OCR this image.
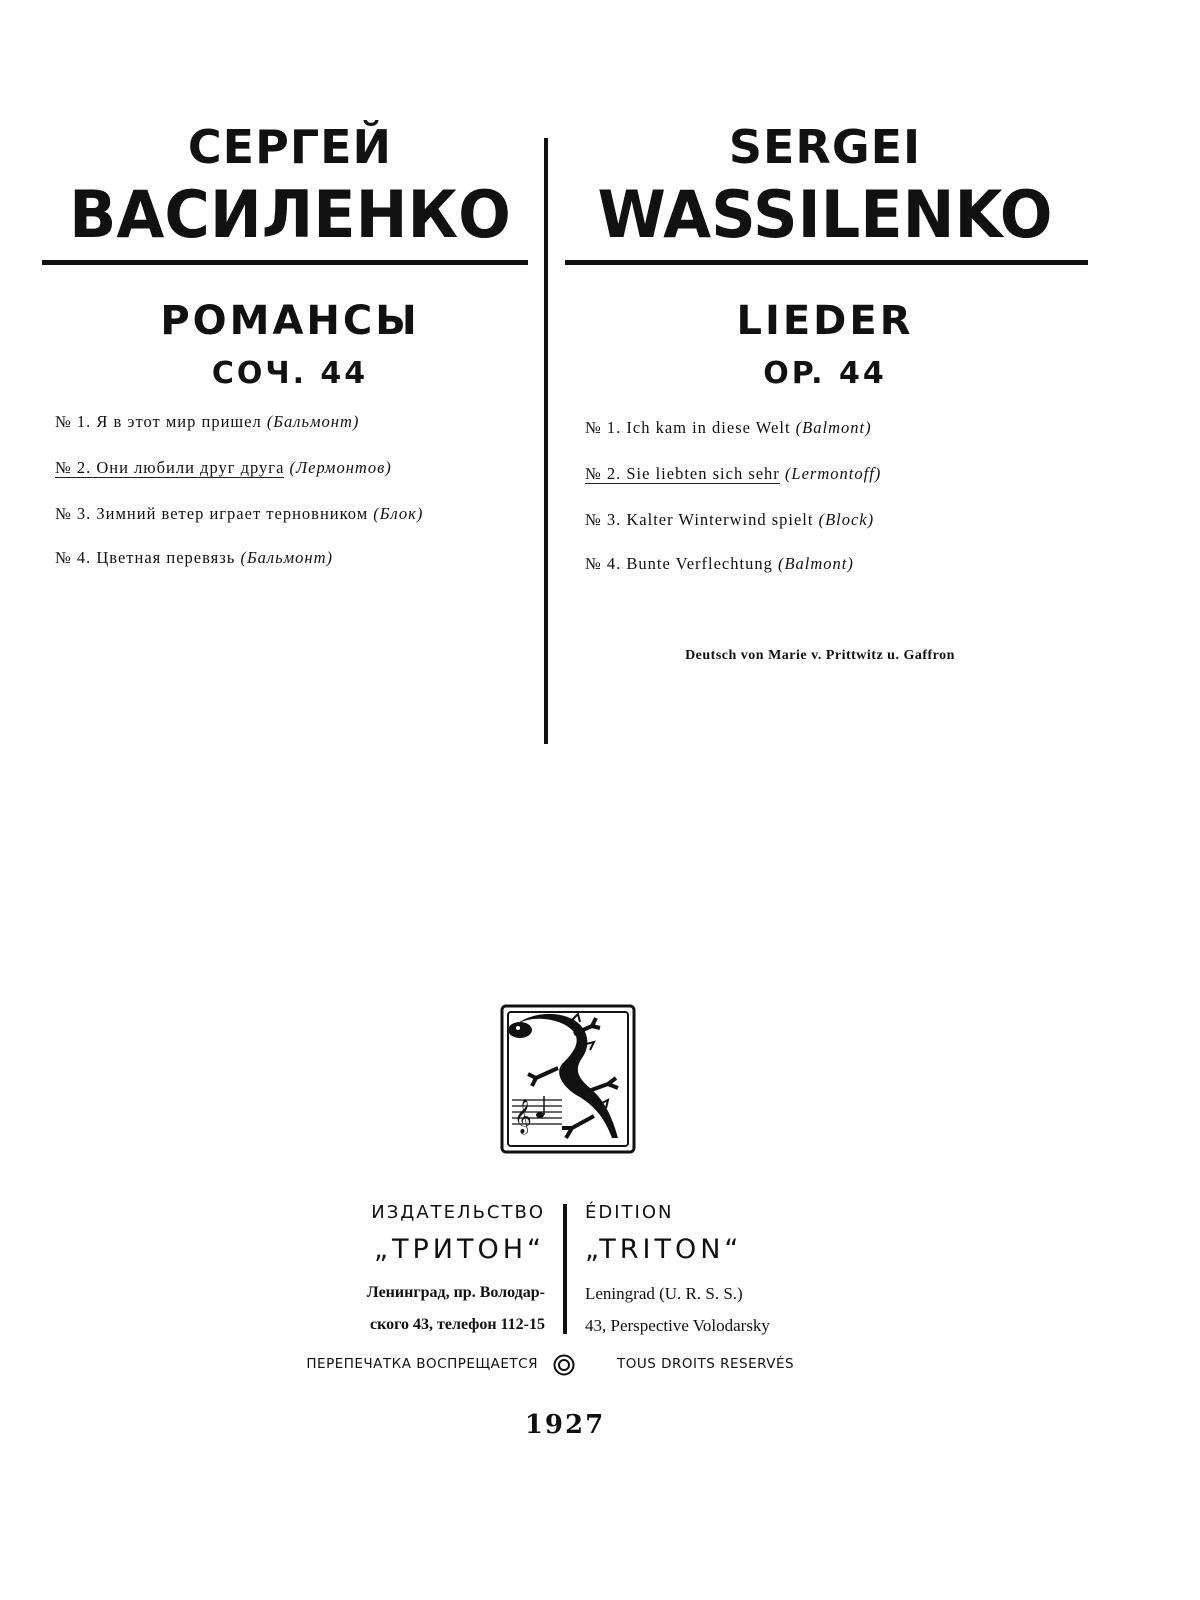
СЕРГЕЙ
ВАСИЛЕНКО
SERGEI
WASSILENKO
РОМАНСЫ
СОЧ. 44
LIEDER
OP. 44
№ 1. Я в этот мир пришел (Бальмонт)
№ 2. Они любили друг друга (Лермонтов)
№ 3. Зимний ветер играет терновником (Блок)
№ 4. Цветная перевязь (Бальмонт)
№ 1. Ich kam in diese Welt (Balmont)
№ 2. Sie liebten sich sehr (Lermontoff)
№ 3. Kalter Winterwind spielt (Block)
№ 4. Bunte Verflechtung (Balmont)
Deutsch von Marie v. Prittwitz u. Gaffron
𝄞
ИЗДАТЕЛЬСТВО
„ТРИТОН“
Ленинград, пр. Володар-
ского 43, телефон 112-15
ПЕРЕПЕЧАТКА ВОСПРЕЩАЕТСЯ
ÉDITION
„TRITON“
Leningrad (U. R. S. S.)
43, Perspective Volodarsky
TOUS DROITS RESERVÉS
1927
